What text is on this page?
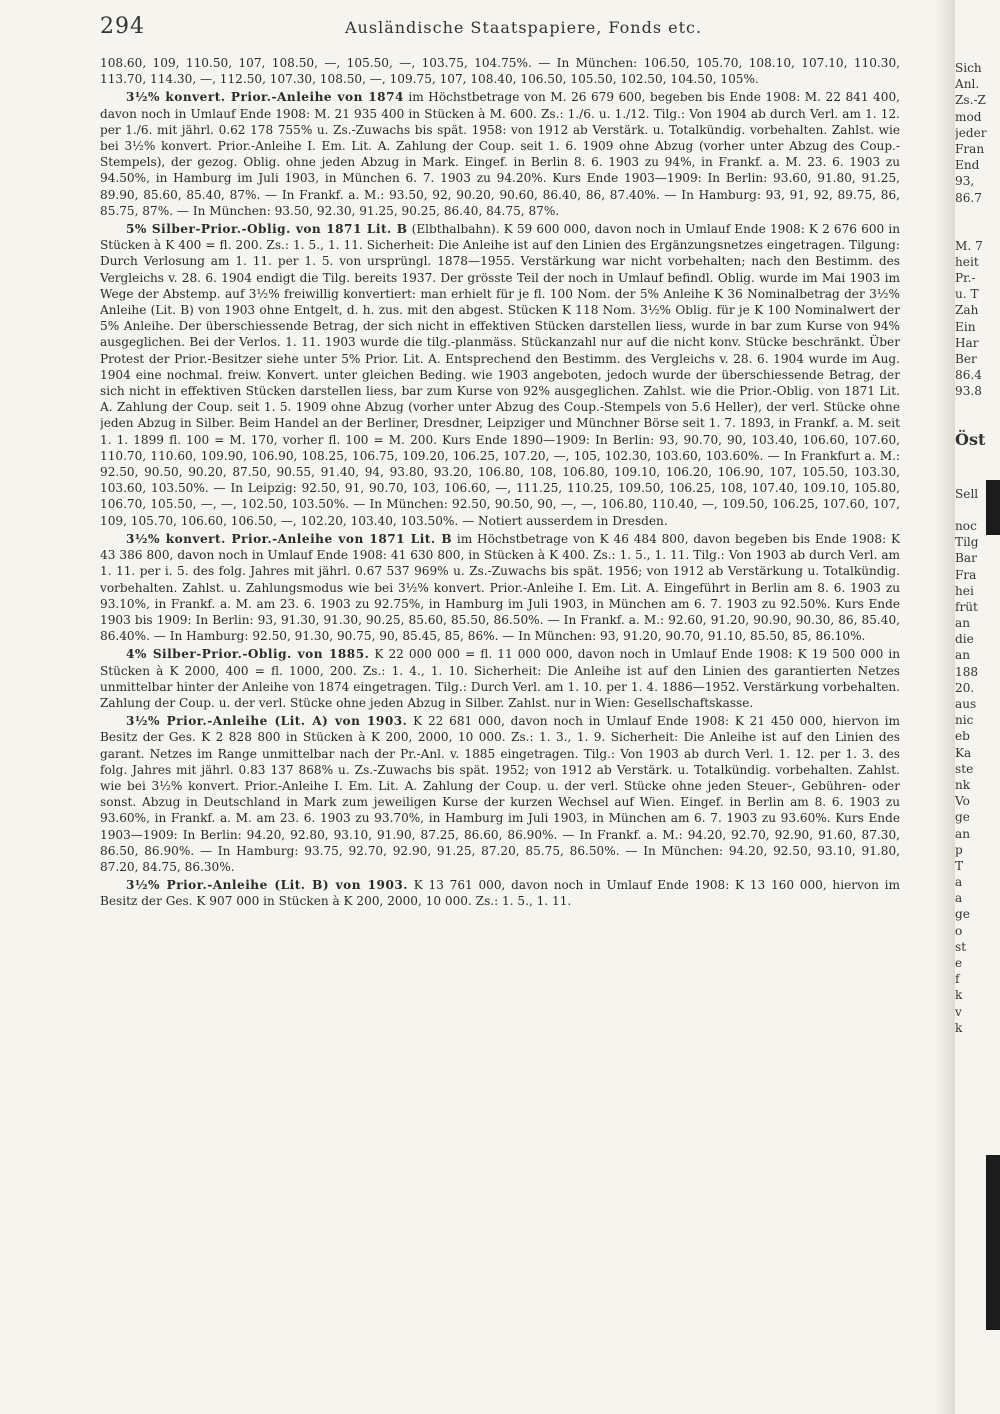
294	Ausländische Staatspapiere, Fonds etc.

108.60, 109, 110.50, 107, 108.50, —, 105.50, —, 103.75, 104.75%. — In München: 106.50, 105.70, 108.10, 107.10, 110.30, 113.70, 114.30, —, 112.50, 107.30, 108.50, —, 109.75, 107, 108.40, 106.50, 105.50, 102.50, 104.50, 105%.

3½% konvert. Prior.-Anleihe von 1874 im Höchstbetrage von M. 26 679 600, begeben bis Ende 1908: M. 22 841 400, davon noch in Umlauf Ende 1908: M. 21 935 400 in Stücken à M. 600. Zs.: 1./6. u. 1./12. Tilg.: Von 1904 ab durch Verl. am 1. 12. per 1./6. mit jährl. 0.62 178 755% u. Zs.-Zuwachs bis spät. 1958: von 1912 ab Verstärk. u. Totalkündig. vorbehalten. Zahlst. wie bei 3½% konvert. Prior.-Anleihe I. Em. Lit. A. Zahlung der Coup. seit 1. 6. 1909 ohne Abzug (vorher unter Abzug des Coup.-Stempels), der gezog. Oblig. ohne jeden Abzug in Mark. Eingef. in Berlin 8. 6. 1903 zu 94%, in Frankf. a. M. 23. 6. 1903 zu 94.50%, in Hamburg im Juli 1903, in München 6. 7. 1903 zu 94.20%. Kurs Ende 1903—1909: In Berlin: 93.60, 91.80, 91.25, 89.90, 85.60, 85.40, 87%. — In Frankf. a. M.: 93.50, 92, 90.20, 90.60, 86.40, 86, 87.40%. — In Hamburg: 93, 91, 92, 89.75, 86, 85.75, 87%. — In München: 93.50, 92.30, 91.25, 90.25, 86.40, 84.75, 87%.

5% Silber-Prior.-Oblig. von 1871 Lit. B (Elbthalbahn). K 59 600 000, davon noch in Umlauf Ende 1908: K 2 676 600 in Stücken à K 400 = fl. 200. Zs.: 1. 5., 1. 11. Sicherheit: Die Anleihe ist auf den Linien des Ergänzungsnetzes eingetragen. Tilgung: Durch Verlosung am 1. 11. per 1. 5. von ursprüngl. 1878—1955. Verstärkung war nicht vorbehalten; nach den Bestimm. des Vergleichs v. 28. 6. 1904 endigt die Tilg. bereits 1937. Der grösste Teil der noch in Umlauf befindl. Oblig. wurde im Mai 1903 im Wege der Abstemp. auf 3½% freiwillig konvertiert: man erhielt für je fl. 100 Nom. der 5% Anleihe K 36 Nominalbetrag der 3½% Anleihe (Lit. B) von 1903 ohne Entgelt, d. h. zus. mit den abgest. Stücken K 118 Nom. 3½% Oblig. für je K 100 Nominalwert der 5% Anleihe. Der überschiessende Betrag, der sich nicht in effektiven Stücken darstellen liess, wurde in bar zum Kurse von 94% ausgeglichen. Bei der Verlos. 1. 11. 1903 wurde die tilg.-planmäss. Stückanzahl nur auf die nicht konv. Stücke beschränkt. Über Protest der Prior.-Besitzer siehe unter 5% Prior. Lit. A. Entsprechend den Bestimm. des Vergleichs v. 28. 6. 1904 wurde im Aug. 1904 eine nochmal. freiw. Konvert. unter gleichen Beding. wie 1903 angeboten, jedoch wurde der überschiessende Betrag, der sich nicht in effektiven Stücken darstellen liess, bar zum Kurse von 92% ausgeglichen. Zahlst. wie die Prior.-Oblig. von 1871 Lit. A. Zahlung der Coup. seit 1. 5. 1909 ohne Abzug (vorher unter Abzug des Coup.-Stempels von 5.6 Heller), der verl. Stücke ohne jeden Abzug in Silber. Beim Handel an der Berliner, Dresdner, Leipziger und Münchner Börse seit 1. 7. 1893, in Frankf. a. M. seit 1. 1. 1899 fl. 100 = M. 170, vorher fl. 100 = M. 200. Kurs Ende 1890—1909: In Berlin: 93, 90.70, 90, 103.40, 106.60, 107.60, 110.70, 110.60, 109.90, 106.90, 108.25, 106.75, 109.20, 106.25, 107.20, —, 105, 102.30, 103.60, 103.60%. — In Frankfurt a. M.: 92.50, 90.50, 90.20, 87.50, 90.55, 91.40, 94, 93.80, 93.20, 106.80, 108, 106.80, 109.10, 106.20, 106.90, 107, 105.50, 103.30, 103.60, 103.50%. — In Leipzig: 92.50, 91, 90.70, 103, 106.60, —, 111.25, 110.25, 109.50, 106.25, 108, 107.40, 109.10, 105.80, 106.70, 105.50, —, —, 102.50, 103.50%. — In München: 92.50, 90.50, 90, —, —, 106.80, 110.40, —, 109.50, 106.25, 107.60, 107, 109, 105.70, 106.60, 106.50, —, 102.20, 103.40, 103.50%. — Notiert ausserdem in Dresden.

3½% konvert. Prior.-Anleihe von 1871 Lit. B im Höchstbetrage von K 46 484 800, davon begeben bis Ende 1908: K 43 386 800, davon noch in Umlauf Ende 1908: 41 630 800, in Stücken à K 400. Zs.: 1. 5., 1. 11. Tilg.: Von 1903 ab durch Verl. am 1. 11. per i. 5. des folg. Jahres mit jährl. 0.67 537 969% u. Zs.-Zuwachs bis spät. 1956; von 1912 ab Verstärkung u. Totalkündig. vorbehalten. Zahlst. u. Zahlungsmodus wie bei 3½% konvert. Prior.-Anleihe I. Em. Lit. A. Eingeführt in Berlin am 8. 6. 1903 zu 93.10%, in Frankf. a. M. am 23. 6. 1903 zu 92.75%, in Hamburg im Juli 1903, in München am 6. 7. 1903 zu 92.50%. Kurs Ende 1903 bis 1909: In Berlin: 93, 91.30, 91.30, 90.25, 85.60, 85.50, 86.50%. — In Frankf. a. M.: 92.60, 91.20, 90.90, 90.30, 86, 85.40, 86.40%. — In Hamburg: 92.50, 91.30, 90.75, 90, 85.45, 85, 86%. — In München: 93, 91.20, 90.70, 91.10, 85.50, 85, 86.10%.

4% Silber-Prior.-Oblig. von 1885. K 22 000 000 = fl. 11 000 000, davon noch in Umlauf Ende 1908: K 19 500 000 in Stücken à K 2000, 400 = fl. 1000, 200. Zs.: 1. 4., 1. 10. Sicherheit: Die Anleihe ist auf den Linien des garantierten Netzes unmittelbar hinter der Anleihe von 1874 eingetragen. Tilg.: Durch Verl. am 1. 10. per 1. 4. 1886—1952. Verstärkung vorbehalten. Zahlung der Coup. u. der verl. Stücke ohne jeden Abzug in Silber. Zahlst. nur in Wien: Gesellschaftskasse.

3½% Prior.-Anleihe (Lit. A) von 1903. K 22 681 000, davon noch in Umlauf Ende 1908: K 21 450 000, hiervon im Besitz der Ges. K 2 828 800 in Stücken à K 200, 2000, 10 000. Zs.: 1. 3., 1. 9. Sicherheit: Die Anleihe ist auf den Linien des garant. Netzes im Range unmittelbar nach der Pr.-Anl. v. 1885 eingetragen. Tilg.: Von 1903 ab durch Verl. 1. 12. per 1. 3. des folg. Jahres mit jährl. 0.83 137 868% u. Zs.-Zuwachs bis spät. 1952; von 1912 ab Verstärk. u. Totalkündig. vorbehalten. Zahlst. wie bei 3½% konvert. Prior.-Anleihe I. Em. Lit. A. Zahlung der Coup. u. der verl. Stücke ohne jeden Steuer-, Gebühren- oder sonst. Abzug in Deutschland in Mark zum jeweiligen Kurse der kurzen Wechsel auf Wien. Eingef. in Berlin am 8. 6. 1903 zu 93.60%, in Frankf. a. M. am 23. 6. 1903 zu 93.70%, in Hamburg im Juli 1903, in München am 6. 7. 1903 zu 93.60%. Kurs Ende 1903—1909: In Berlin: 94.20, 92.80, 93.10, 91.90, 87.25, 86.60, 86.90%. — In Frankf. a. M.: 94.20, 92.70, 92.90, 91.60, 87.30, 86.50, 86.90%. — In Hamburg: 93.75, 92.70, 92.90, 91.25, 87.20, 85.75, 86.50%. — In München: 94.20, 92.50, 93.10, 91.80, 87.20, 84.75, 86.30%.

3½% Prior.-Anleihe (Lit. B) von 1903. K 13 761 000, davon noch in Umlauf Ende 1908: K 13 160 000, hiervon im Besitz der Ges. K 907 000 in Stücken à K 200, 2000, 10 000. Zs.: 1. 5., 1. 11.

Sich
Anl.
Zs.-Z
mod
jeder
Fran
End
93,
86.7
M. 7
heit
Pr.-
u. T
Zah
Ein
Har
Ber
86.4
93.8
Öst
Sell
noc
Tilg
Bar
Fra
hei
früt
an
die
an
188
20.
aus
nic
eb
Ka
ste
nk
Vo
ge
an
p
T
a
a
ge
o
st
e
f
k
v
k
